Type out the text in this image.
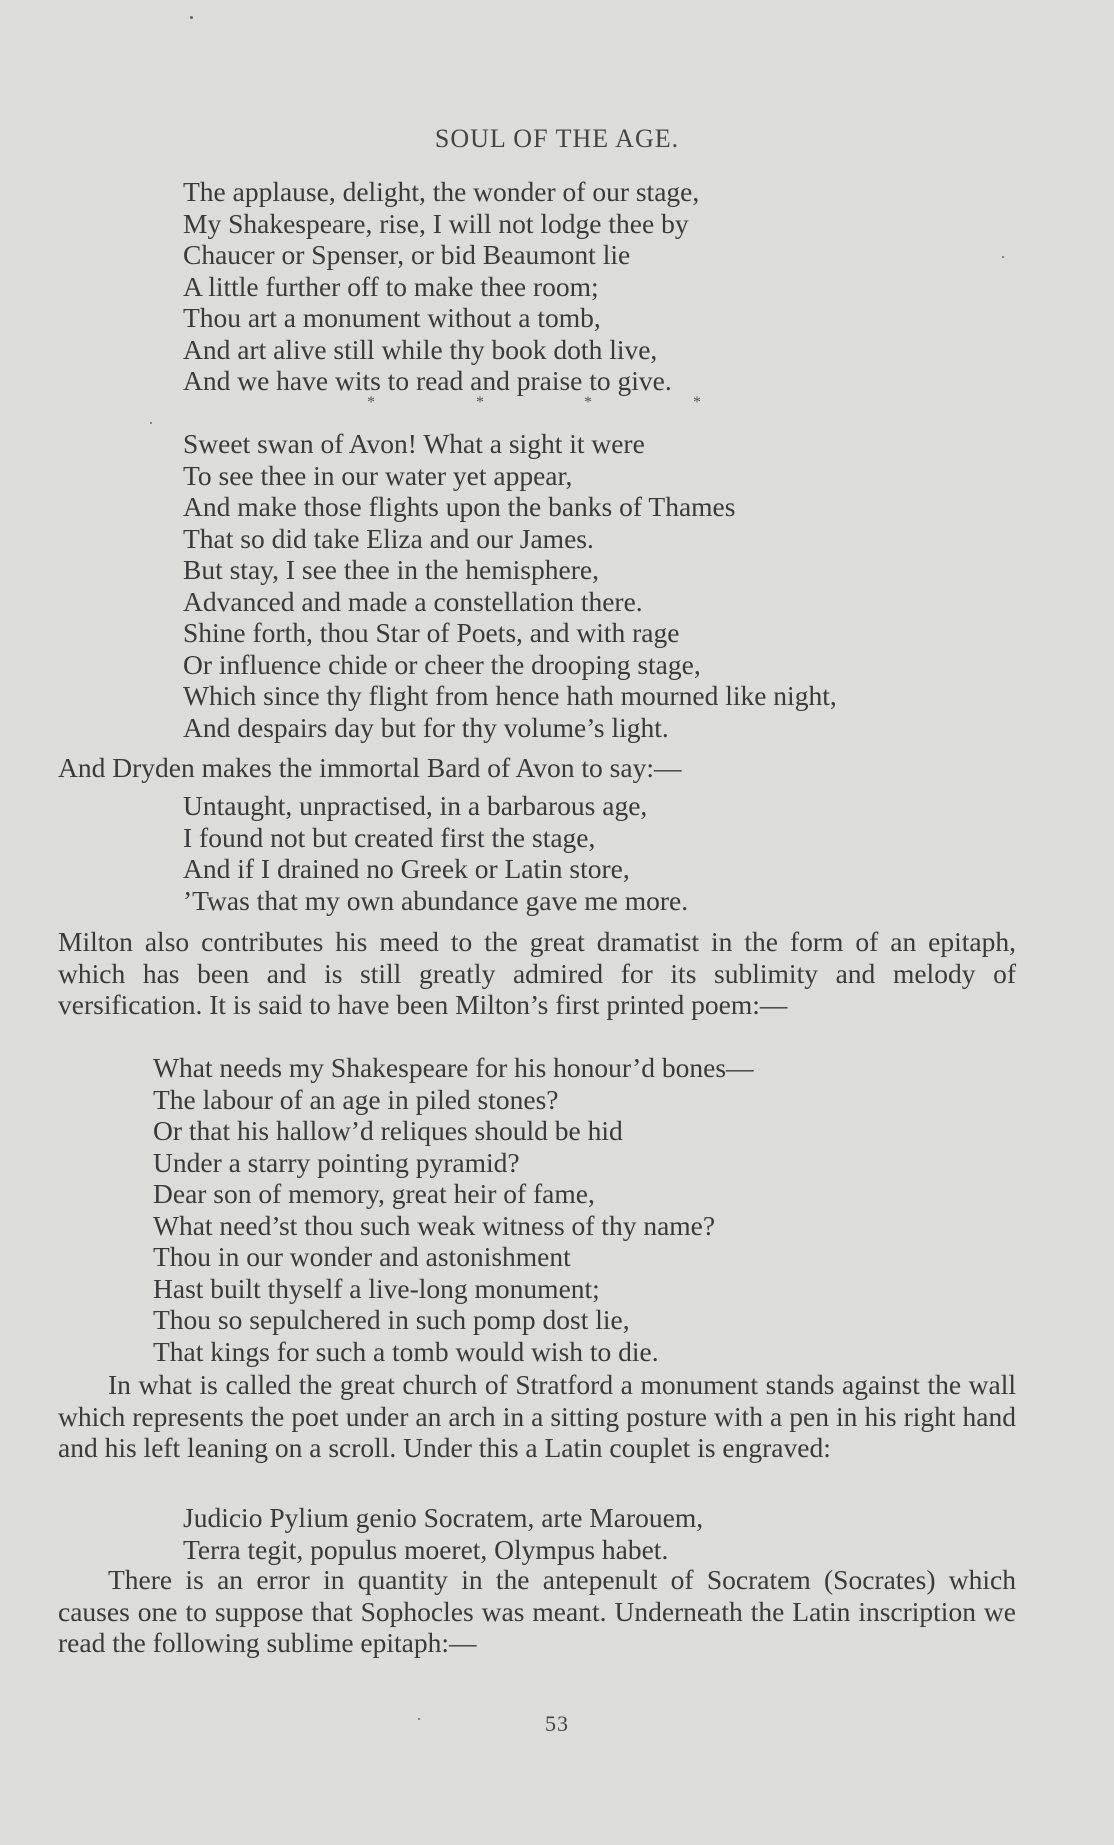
SOUL OF THE AGE.
The applause, delight, the wonder of our stage,
My Shakespeare, rise, I will not lodge thee by
Chaucer or Spenser, or bid Beaumont lie
A little further off to make thee room;
Thou art a monument without a tomb,
And art alive still while thy book doth live,
And we have wits to read and praise to give.
*	*	*	*
Sweet swan of Avon! What a sight it were
To see thee in our water yet appear,
And make those flights upon the banks of Thames
That so did take Eliza and our James.
But stay, I see thee in the hemisphere,
Advanced and made a constellation there.
Shine forth, thou Star of Poets, and with rage
Or influence chide or cheer the drooping stage,
Which since thy flight from hence hath mourned like night,
And despairs day but for thy volume’s light.
And Dryden makes the immortal Bard of Avon to say:—
Untaught, unpractised, in a barbarous age,
I found not but created first the stage,
And if I drained no Greek or Latin store,
’Twas that my own abundance gave me more.
Milton also contributes his meed to the great dramatist in the form of an epitaph, which has been and is still greatly admired for its sublimity and melody of versification. It is said to have been Milton’s first printed poem:—
What needs my Shakespeare for his honour’d bones—
The labour of an age in piled stones?
Or that his hallow’d reliques should be hid
Under a starry pointing pyramid?
Dear son of memory, great heir of fame,
What need’st thou such weak witness of thy name?
Thou in our wonder and astonishment
Hast built thyself a live-long monument;
Thou so sepulchered in such pomp dost lie,
That kings for such a tomb would wish to die.
In what is called the great church of Stratford a monument stands against the wall which represents the poet under an arch in a sitting posture with a pen in his right hand and his left leaning on a scroll. Under this a Latin couplet is engraved:
Judicio Pylium genio Socratem, arte Marouem,
Terra tegit, populus moeret, Olympus habet.
There is an error in quantity in the antepenult of Socratem (Socrates) which causes one to suppose that Sophocles was meant. Underneath the Latin inscription we read the following sublime epitaph:—
53
